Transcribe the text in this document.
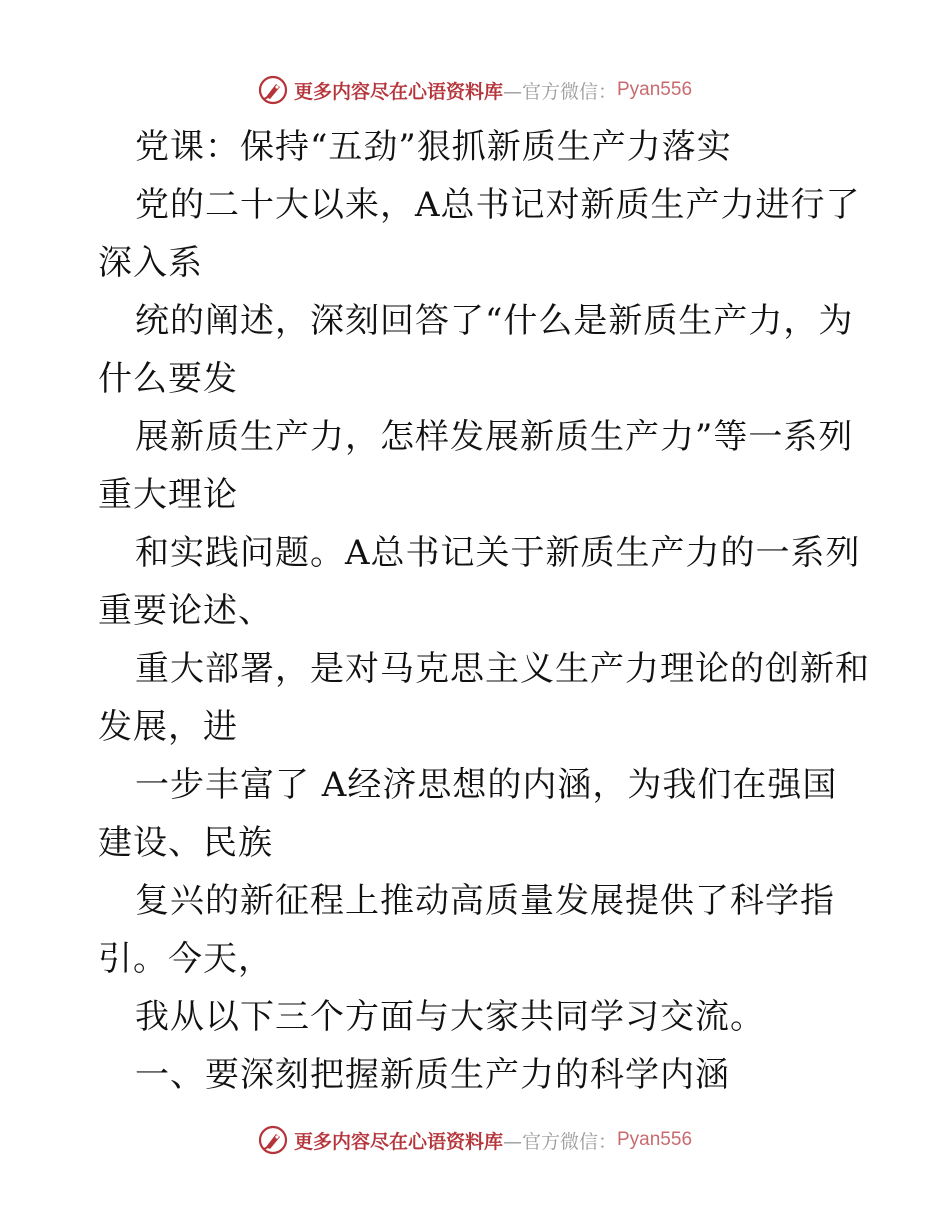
更多内容尽在心语资料库 —官方微信： Pyan556
党课：保持“五劲”狠抓新质生产力落实
党的二十大以来，A总书记对新质生产力进行了
深入系
统的阐述，深刻回答了“什么是新质生产力，为
什么要发
展新质生产力，怎样发展新质生产力”等一系列
重大理论
和实践问题。A总书记关于新质生产力的一系列
重要论述、
重大部署，是对马克思主义生产力理论的创新和
发展，进
一步丰富了 A经济思想的内涵，为我们在强国
建设、民族
复兴的新征程上推动高质量发展提供了科学指
引。今天，
我从以下三个方面与大家共同学习交流。
一、要深刻把握新质生产力的科学内涵
更多内容尽在心语资料库 —官方微信： Pyan556
